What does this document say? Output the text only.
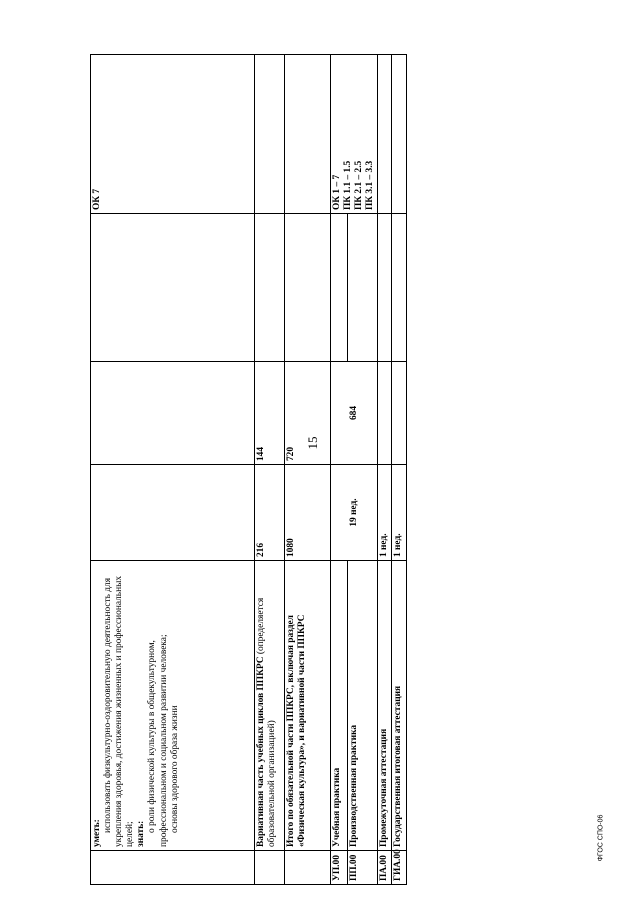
15

	уметь:

использовать физкультурно-оздоровительную деятельность для укрепления здоровья, достижения жизненных и профессиональных целей; знать:

о роли физической культуры в общекультурном, профессиональном и социальном развитии человека; основы здорового образа жизни				ОК 7
	Вариативная часть учебных циклов ППКРС (определяется образовательной организацией)	216	144		
	Итого по обязательной части ППКРС, включая раздел «Физическая культура», и вариативной части ППКРС	1080	720		
УП.00	Учебная практика	19 нед.	684		ОК 1 – 7 ПК 1.1 – 1.5 ПК 2.1 – 2.5 ПК 3.1 – 3.3

ПП.00	Производственная практика				
ПА.00	Промежуточная аттестация	1 нед.			
ГИА.00	Государственная итоговая аттестация	1 нед.			
ФГОС СПО-06
